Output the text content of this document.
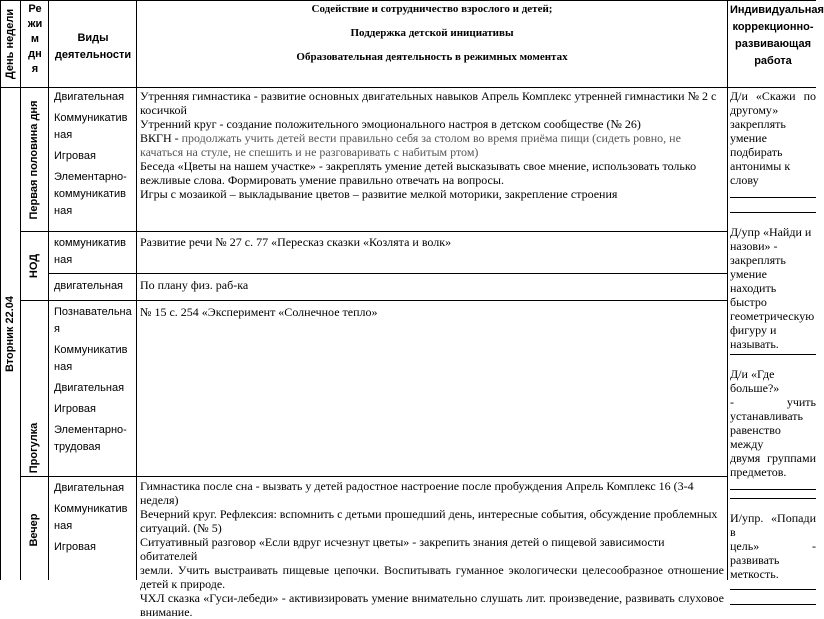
День недели	Ре
жи
м
дн
я
Виды
деятельности
Содействие и сотрудничество взрослого и детей;
Поддержка детской инициативы
Образовательная деятельность в режимных моментах
Индивидуальная
коррекционно-
развивающая
работа
Вторник 22.04
Первая половина дня
НОД
Прогулка
Вечер
Двигательная
Коммуникатив
ная
Игровая
Элементарно-
коммуникатив
ная

Утренняя гимнастика - развитие основных двигательных навыков Апрель Комплекс утренней гимнастики № 2 с косичкой

Утренний круг - создание положительного эмоционального настроя в детском сообществе (№ 26)

ВКГН - продолжать учить детей вести правильно себя за столом во время приёма пищи (сидеть ровно, не качаться на стуле, не спешить и не разговаривать с набитым ртом)

Беседа «Цветы на нашем участке» - закреплять умение детей высказывать свое мнение, использовать только вежливые слова. Формировать умение правильно отвечать на вопросы.

Игры с мозаикой – выкладывание цветов – развитие мелкой моторики, закрепление строения

коммуникатив
ная
Развитие речи № 27 с. 77 «Пересказ сказки «Козлята и волк»
двигательная	По плану физ. раб-ка
Познавательна
я
Коммуникатив
ная
Двигательная
Игровая
Элементарно-
трудовая
№ 15 с. 254 «Эксперимент «Солнечное тепло»
Двигательная
Коммуникатив
ная
Игровая

Гимнастика после сна - вызвать у детей радостное настроение после пробуждения Апрель Комплекс 16 (3-4 неделя)

Вечерний круг. Рефлексия: вспомнить с детьми прошедший день, интересные события, обсуждение проблемных ситуаций. (№ 5)

Ситуативный разговор «Если вдруг исчезнут цветы» - закрепить знания детей о пищевой зависимости обитателей

земли. Учить выстраивать пищевые цепочки. Воспитывать гуманное экологически целесообразное отношение детей к природе.

ЧХЛ сказка «Гуси-лебеди» - активизировать умение внимательно слушать лит. произведение, развивать слуховое внимание.

Д/и «Скажи по

другому»

закреплять

умение подбирать

антонимы к слову

Д/упр «Найди и

назови» -

закреплять

умение находить

быстро

геометрическую

фигуру и

называть.

Д/и «Где больше?»

- учить

устанавливать

равенство между

двумя группами

предметов.

И/упр. «Попади в

цель» - развивать

меткость.
